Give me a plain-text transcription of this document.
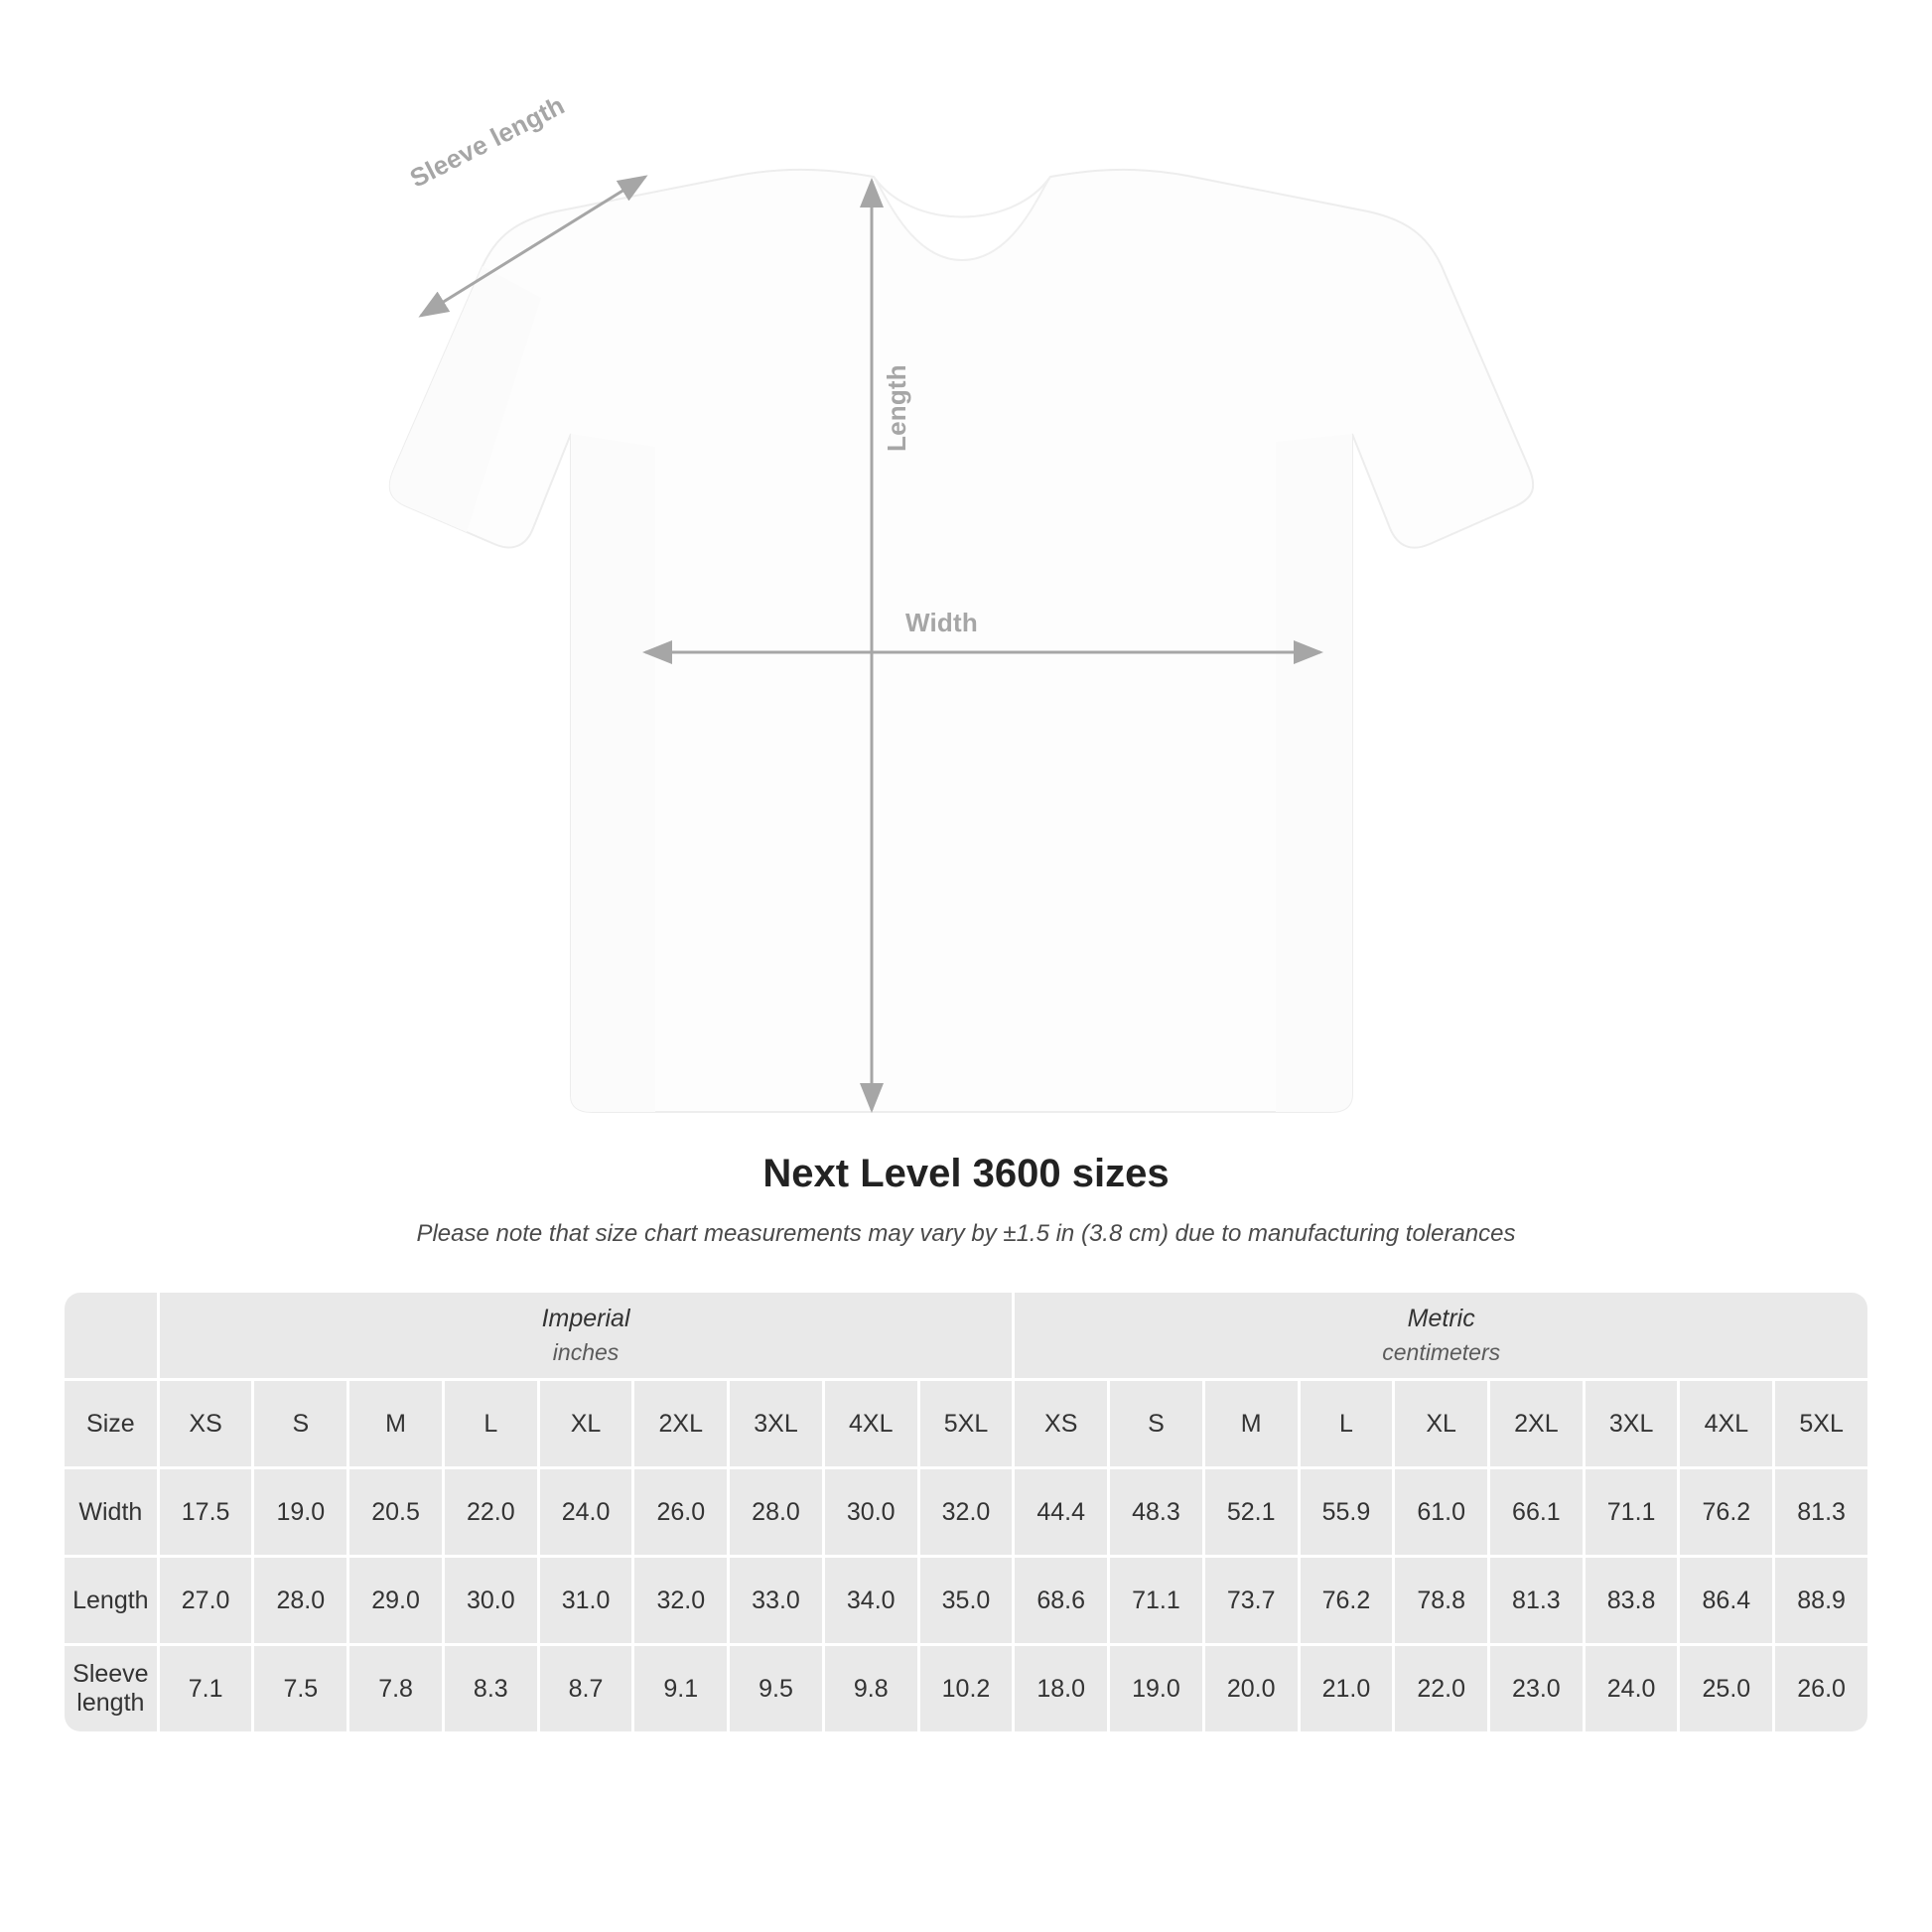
Sleeve length
Length
Width
Next Level 3600 sizes
Please note that size chart measurements may vary by ±1.5 in (3.8 cm) due to manufacturing tolerances
	Imperial
inches									Metric
centimeters								

Size	XS	S	M	L	XL	2XL	3XL	4XL	5XL	XS	S	M	L	XL	2XL	3XL	4XL	5XL
Width	17.5	19.0	20.5	22.0	24.0	26.0	28.0	30.0	32.0	44.4	48.3	52.1	55.9	61.0	66.1	71.1	76.2	81.3
Length	27.0	28.0	29.0	30.0	31.0	32.0	33.0	34.0	35.0	68.6	71.1	73.7	76.2	78.8	81.3	83.8	86.4	88.9
Sleeve length	7.1	7.5	7.8	8.3	8.7	9.1	9.5	9.8	10.2	18.0	19.0	20.0	21.0	22.0	23.0	24.0	25.0	26.0
